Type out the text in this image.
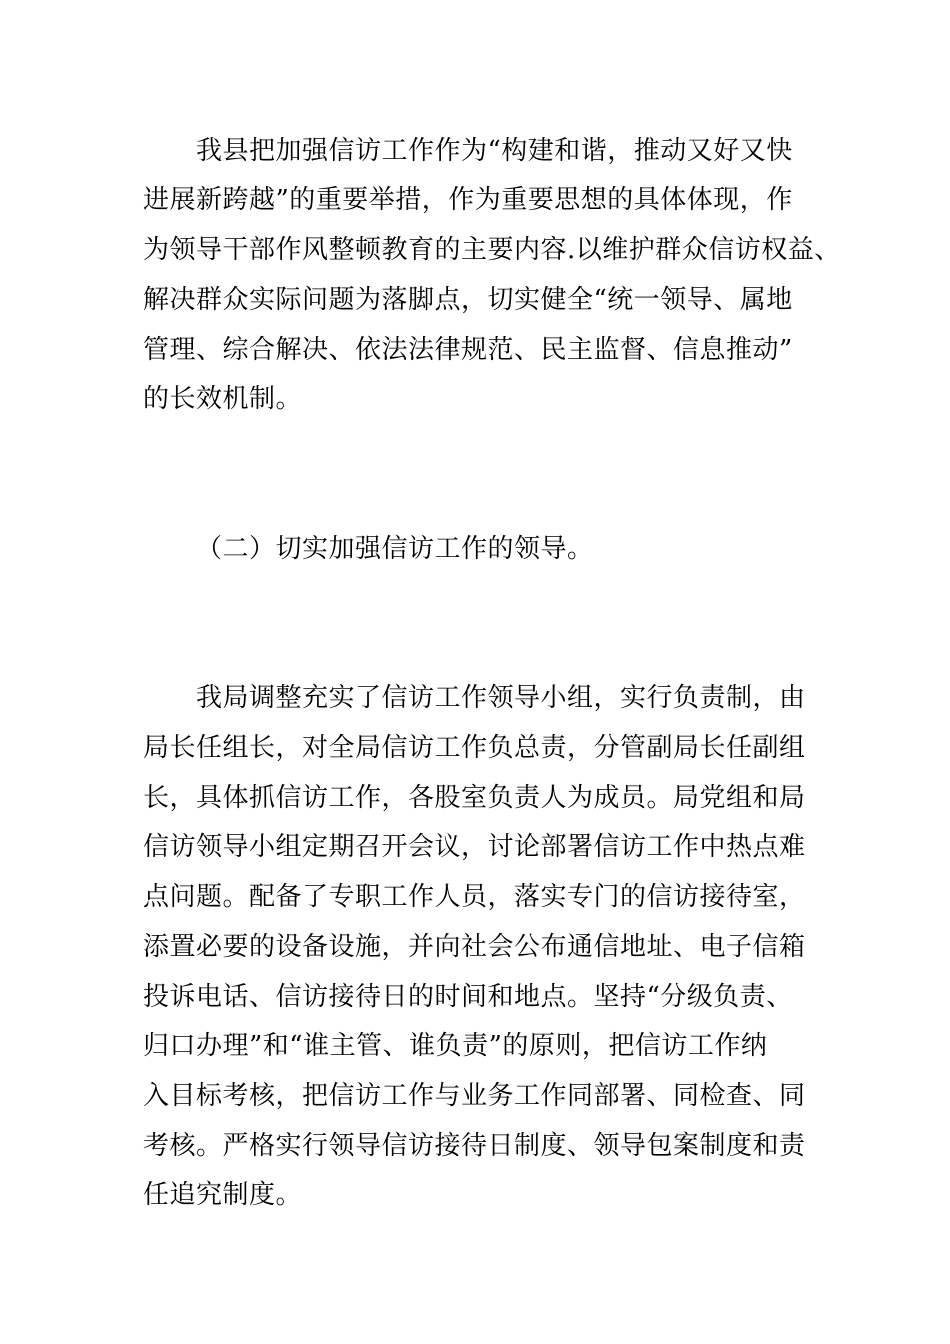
我县把加强信访工作作为“构建和谐，推动又好又快
进展新跨越”的重要举措，作为重要思想的具体体现，作
为领导干部作风整顿教育的主要内容.以维护群众信访权益、
解决群众实际问题为落脚点，切实健全“统一领导、属地
管理、综合解决、依法法律规范、民主监督、信息推动”
的长效机制。
（二）切实加强信访工作的领导。
我局调整充实了信访工作领导小组，实行负责制，由
局长任组长，对全局信访工作负总责，分管副局长任副组
长，具体抓信访工作，各股室负责人为成员。局党组和局
信访领导小组定期召开会议，讨论部署信访工作中热点难
点问题。配备了专职工作人员，落实专门的信访接待室，
添置必要的设备设施，并向社会公布通信地址、电子信箱
投诉电话、信访接待日的时间和地点。坚持“分级负责、
归口办理”和“谁主管、谁负责”的原则，把信访工作纳
入目标考核，把信访工作与业务工作同部署、同检查、同
考核。严格实行领导信访接待日制度、领导包案制度和责
任追究制度。
